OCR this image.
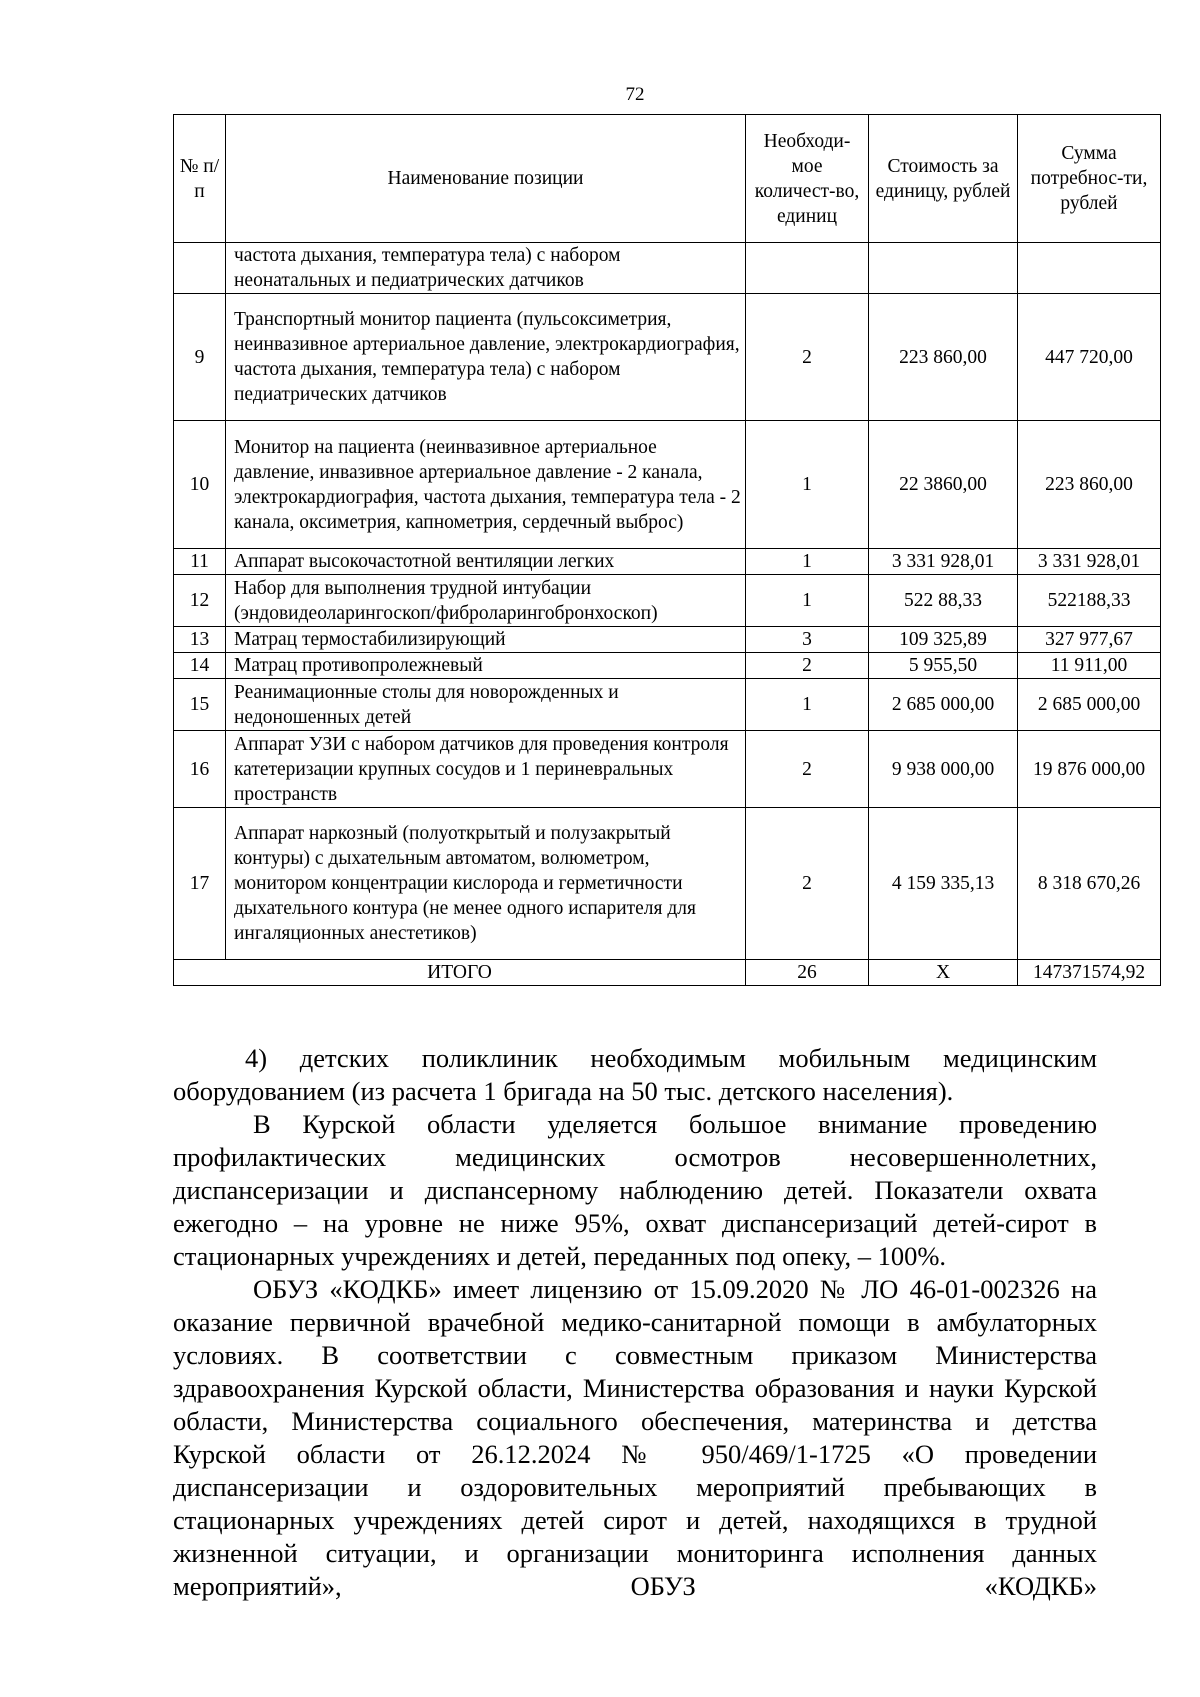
72
№ п/п	Наименование позиции	Необходи-мое количест-во, единиц	Стоимость за единицу, рублей	Сумма потребнос-ти, рублей
	частота дыхания, температура тела) с набором неонатальных и педиатрических датчиков			
9	Транспортный монитор пациента (пульсоксиметрия, неинвазивное артериальное давление, электрокардиография, частота дыхания, температура тела) с набором педиатрических датчиков	2	223 860,00	447 720,00
10	Монитор на пациента (неинвазивное артериальное давление, инвазивное артериальное давление - 2 канала, электрокардиография, частота дыхания, температура тела - 2 канала, оксиметрия, капнометрия, сердечный выброс)	1	22 3860,00	223 860,00
11	Аппарат высокочастотной вентиляции легких	1	3 331 928,01	3 331 928,01
12	Набор для выполнения трудной интубации (эндовидеоларингоскоп/фиброларингобронхоскоп)	1	522 88,33	522188,33
13	Матрац термостабилизирующий	3	109 325,89	327 977,67
14	Матрац противопролежневый	2	5 955,50	11 911,00
15	Реанимационные столы для новорожденных и недоношенных детей	1	2 685 000,00	2 685 000,00
16	Аппарат УЗИ с набором датчиков для проведения контроля катетеризации крупных сосудов и 1 периневральных пространств	2	9 938 000,00	19 876 000,00
17	Аппарат наркозный (полуоткрытый и полузакрытый контуры) с дыхательным автоматом, волюметром, монитором концентрации кислорода и герметичности дыхательного контура (не менее одного испарителя для ингаляционных анестетиков)	2	4 159 335,13	8 318 670,26
ИТОГО		26	Х	147371574,92

4) детских поликлиник необходимым мобильным медицинским оборудованием (из расчета 1 бригада на 50 тыс. детского населения).

В Курской области уделяется большое внимание проведению профилактических медицинских осмотров несовершеннолетних, диспансеризации и диспансерному наблюдению детей. Показатели охвата ежегодно – на уровне не ниже 95%, охват диспансеризаций детей-сирот в стационарных учреждениях и детей, переданных под опеку, – 100%.

ОБУЗ «КОДКБ» имеет лицензию от 15.09.2020 № ЛО 46-01-002326 на оказание первичной врачебной медико-санитарной помощи в амбулаторных условиях. В соответствии с совместным приказом Министерства здравоохранения Курской области, Министерства образования и науки Курской области, Министерства социального обеспечения, материнства и детства Курской области от 26.12.2024 № 950/469/1-1725 «О проведении диспансеризации и оздоровительных мероприятий пребывающих в стационарных учреждениях детей сирот и детей, находящихся в трудной жизненной ситуации, и организации мониторинга исполнения данных мероприятий», ОБУЗ «КОДКБ»
